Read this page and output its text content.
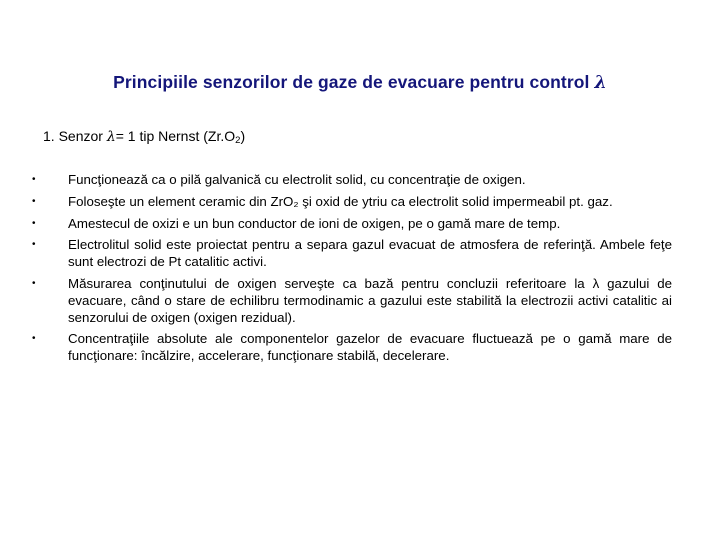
Principiile senzorilor de gaze de evacuare pentru control λ
1. Senzor λ= 1 tip Nernst $(Zr.O_2)$
•	Funcţionează ca o pilă galvanică cu electrolit solid, cu concentraţie de oxigen.
•	Foloseşte un element ceramic din ZrO₂ şi oxid de ytriu ca electrolit solid impermeabil pt. gaz.
•	Amestecul de oxizi e un bun conductor de ioni de oxigen, pe o gamă mare de temp.
•	Electrolitul solid este proiectat pentru a separa gazul evacuat de atmosfera de referinţă. Ambele feţe sunt electrozi de Pt catalitic activi.
•	Măsurarea conţinutului de oxigen serveşte ca bază pentru concluzii referitoare la λ gazului de evacuare, când o stare de echilibru termodinamic a gazului este stabilită la electrozii activi catalitic ai senzorului de oxigen (oxigen rezidual).
•	Concentraţiile absolute ale componentelor gazelor de evacuare fluctuează pe o gamă mare de funcţionare: încălzire, accelerare, funcţionare stabilă, decelerare.
